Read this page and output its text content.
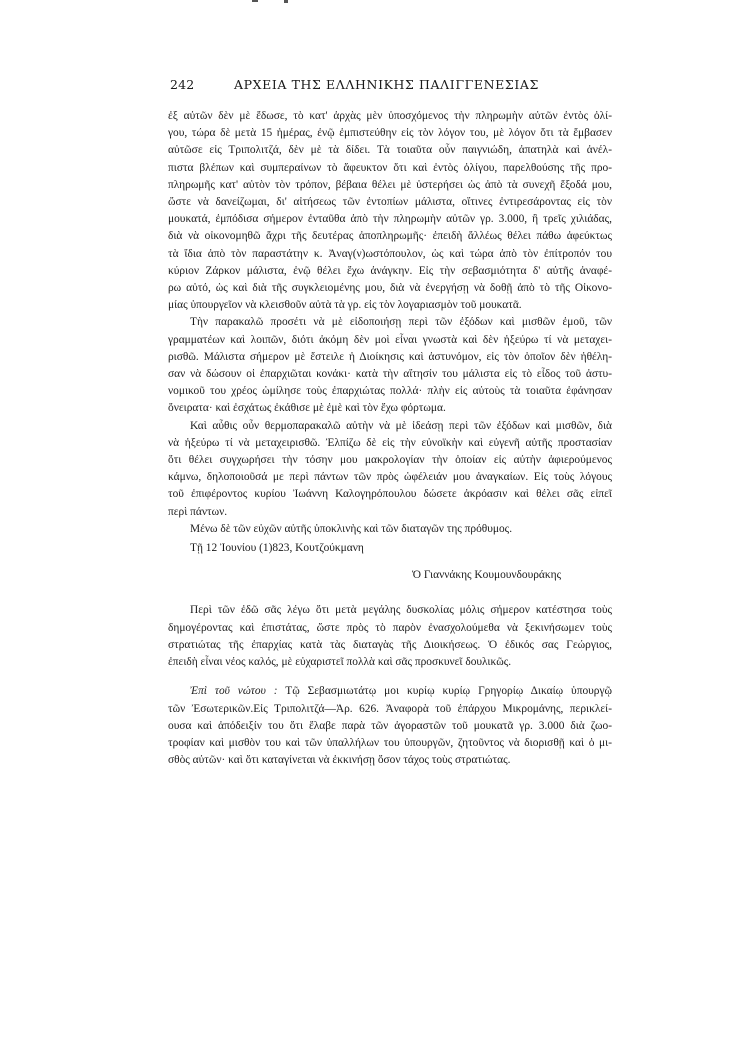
242	ΑΡΧΕΙΑ ΤΗΣ ΕΛΛΗΝΙΚΗΣ ΠΑΛΙΓΓΕΝΕΣΙΑΣ
ἐξ αὐτῶν δὲν μὲ ἔδωσε, τὸ κατ' ἀρχὰς μὲν ὑποσχόμενος τὴν πληρωμὴν αὐτῶν ἐντὸς ὀλί-
γου, τώρα δὲ μετὰ 15 ἡμέρας, ἐνῷ ἐμπιστεύθην εἰς τὸν λόγον του, μὲ λόγον ὅτι τὰ ἔμβασεν
αὐτῶσε εἰς Τριπολιτζά, δὲν μὲ τὰ δίδει. Τὰ τοιαῦτα οὖν παιγνιώδη, ἀπατηλὰ καὶ ἀνέλ-
πιστα βλέπων καὶ συμπεραίνων τὸ ἄφευκτον ὅτι καὶ ἐντὸς ὀλίγου, παρελθούσης τῆς προ-
πληρωμῆς κατ' αὐτὸν τὸν τρόπον, βέβαια θέλει μὲ ὑστερήσει ὡς ἀπὸ τὰ συνεχῆ ἔξοδά μου,
ὥστε νὰ δανείζωμαι, δι' αἰτήσεως τῶν ἐντοπίων μάλιστα, οἵτινες ἐντιρεσάροντας εἰς τὸν
μουκατά, ἐμπόδισα σήμερον ἐνταῦθα ἀπὸ τὴν πληρωμὴν αὐτῶν γρ. 3.000, ἢ τρεῖς χιλιάδας,
διὰ νὰ οἰκονομηθῶ ἄχρι τῆς δευτέρας ἀποπληρωμῆς· ἐπειδὴ ἄλλέως θέλει πάθω ἀφεύκτως
τὰ ἴδια ἀπὸ τὸν παραστάτην κ. Ἀναγ(ν)ωστόπουλον, ὡς καὶ τώρα ἀπὸ τὸν ἐπίτροπόν του
κύριον Ζάρκον μάλιστα, ἐνῷ θέλει ἔχω ἀνάγκην. Εἰς τὴν σεβασμιότητα δ' αὐτῆς ἀναφέ-
ρω αὐτό, ὡς καὶ διὰ τῆς συγκλειομένης μου, διὰ νὰ ἐνεργήσῃ νὰ δοθῇ ἀπὸ τὸ τῆς Οἰκονο-
μίας ὑπουργεῖον νὰ κλεισθοῦν αὐτὰ τὰ γρ. εἰς τὸν λογαριασμὸν τοῦ μουκατᾶ.
Τὴν παρακαλῶ προσέτι νὰ μὲ εἰδοποιήσῃ περὶ τῶν ἐξόδων καὶ μισθῶν ἐμοῦ, τῶν
γραμματέων καὶ λοιπῶν, διότι ἀκόμη δὲν μοὶ εἶναι γνωστὰ καὶ δὲν ἠξεύρω τί νὰ μεταχει-
ρισθῶ. Μάλιστα σήμερον μὲ ἔστειλε ἡ Διοίκησις καὶ ἀστυνόμον, εἰς τὸν ὁποῖον δὲν ἠθέλη-
σαν νὰ δώσουν οἱ ἐπαρχιῶται κονάκι· κατὰ τὴν αἴτησίν του μάλιστα εἰς τὸ εἶδος τοῦ ἀστυ-
νομικοῦ του χρέος ὡμίλησε τοὺς ἐπαρχιώτας πολλά· πλὴν εἰς αὐτοὺς τὰ τοιαῦτα ἐφάνησαν
ὄνειρατα· καὶ ἐσχάτως ἐκάθισε μὲ ἐμὲ καὶ τὸν ἔχω φόρτωμα.
Καὶ αὖθις οὖν θερμοπαρακαλῶ αὐτὴν νὰ μὲ ἰδεάσῃ περὶ τῶν ἐξόδων καὶ μισθῶν, διὰ
νὰ ἠξεύρω τί νὰ μεταχειρισθῶ. Ἐλπίζω δὲ εἰς τὴν εὐνοϊκὴν καὶ εὐγενῆ αὐτῆς προστασίαν
ὅτι θέλει συγχωρήσει τὴν τόσην μου μακρολογίαν τὴν ὁποίαν εἰς αὐτὴν ἀφιερούμενος
κάμνω, δηλοποιοῦσά με περὶ πάντων τῶν πρὸς ὠφέλειάν μου ἀναγκαίων. Εἰς τοὺς λόγους
τοῦ ἐπιφέροντος κυρίου Ἰωάννη Καλογηρόπουλου δώσετε ἀκρόασιν καὶ θέλει σᾶς εἰπεῖ
περὶ πάντων.

Μένω δὲ τῶν εὐχῶν αὐτῆς ὑποκλινὴς καὶ τῶν διαταγῶν της πρόθυμος.

Τῇ 12 Ἰουνίου (1)823, Κουτζούκμανη

Ὁ Γιαννάκης Κουμουνδουράκης

Περὶ τῶν ἐδῶ σᾶς λέγω ὅτι μετὰ μεγάλης δυσκολίας μόλις σήμερον κατέστησα τοὺς
δημογέροντας καὶ ἐπιστάτας, ὥστε πρὸς τὸ παρὸν ἐνασχολούμεθα νὰ ξεκινήσωμεν τοὺς
στρατιώτας τῆς ἐπαρχίας κατὰ τὰς διαταγὰς τῆς Διοικήσεως. Ὁ ἐδικός σας Γεώργιος,
ἐπειδὴ εἶναι νέος καλός, μὲ εὐχαριστεῖ πολλὰ καὶ σᾶς προσκυνεῖ δουλικῶς.
Ἐπὶ τοῦ νώτου : Τῷ Σεβασμιωτάτῳ μοι κυρίῳ κυρίῳ Γρηγορίῳ Δικαίῳ ὑπουργῷ
τῶν Ἐσωτερικῶν.Εἰς Τριπολιτζά—Ἀρ. 626. Ἀναφορὰ τοῦ ἐπάρχου Μικρομάνης, περικλεί-
ουσα καὶ ἀπόδειξίν του ὅτι ἔλαβε παρὰ τῶν ἀγοραστῶν τοῦ μουκατᾶ γρ. 3.000 διὰ ζωο-
τροφίαν καὶ μισθὸν του καὶ τῶν ὑπαλλήλων του ὑπουργῶν, ζητοῦντος νὰ διορισθῇ καὶ ὁ μι-
σθὸς αὐτῶν· καὶ ὅτι καταγίνεται νὰ ἐκκινήσῃ ὅσον τάχος τοὺς στρατιώτας.
